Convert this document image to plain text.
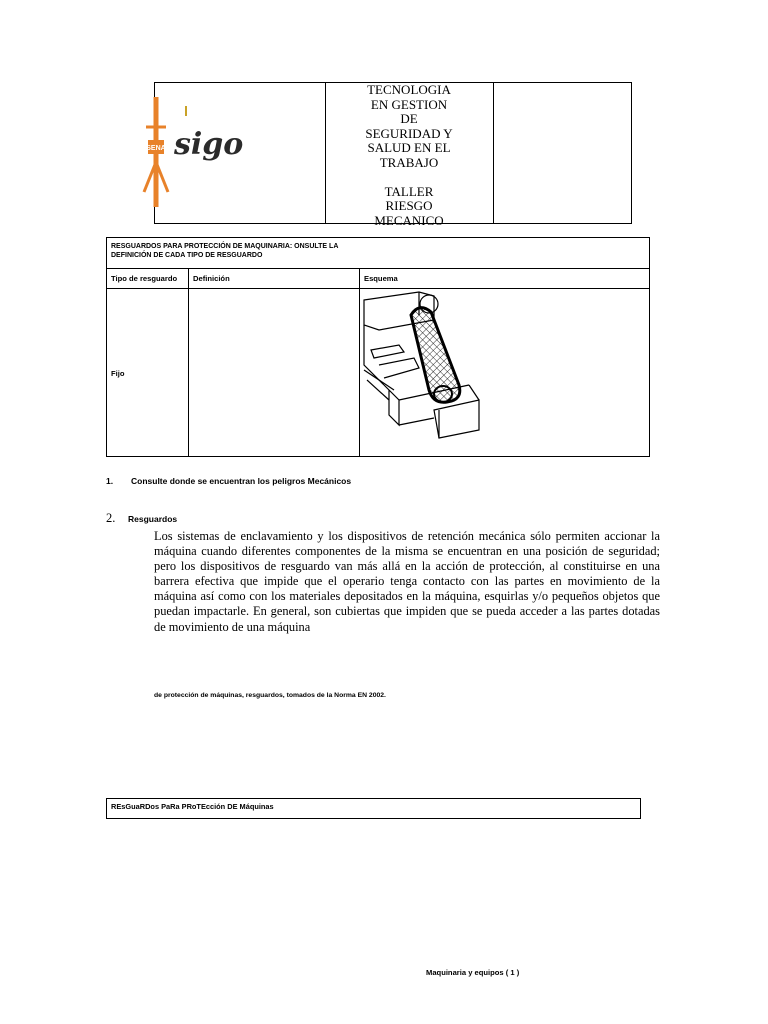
TECNOLOGIA
EN GESTION
DE
SEGURIDAD Y
SALUD EN EL
TRABAJO
TALLER
RIESGO
MECANICO
SENA sigo
RESGUARDOS PARA PROTECCIÓN DE MAQUINARIA: ONSULTE LA
DEFINICIÓN DE CADA TIPO DE RESGUARDO
Tipo de resguardo Definición	Esquema
Fijo
1. Consulte donde se encuentran los peligros Mecánicos
2. Resguardos
Los sistemas de enclavamiento y los dispositivos de retención mecánica sólo permiten accionar la máquina cuando diferentes componentes de la misma se encuentran en una posición de seguridad; pero los dispositivos de resguardo van más allá en la acción de protección, al constituirse en una barrera efectiva que impide que el operario tenga contacto con las partes en movimiento de la máquina así como con los materiales depositados en la máquina, esquirlas y/o pequeños objetos que puedan impactarle. En general, son cubiertas que impiden que se pueda acceder a las partes dotadas de movimiento de una máquina
de protección de máquinas, resguardos, tomados de la Norma EN 2002.
REsGuaRDos PaRa PRoTEcción DE Máquinas
Maquinaria y equipos ( 1 )
